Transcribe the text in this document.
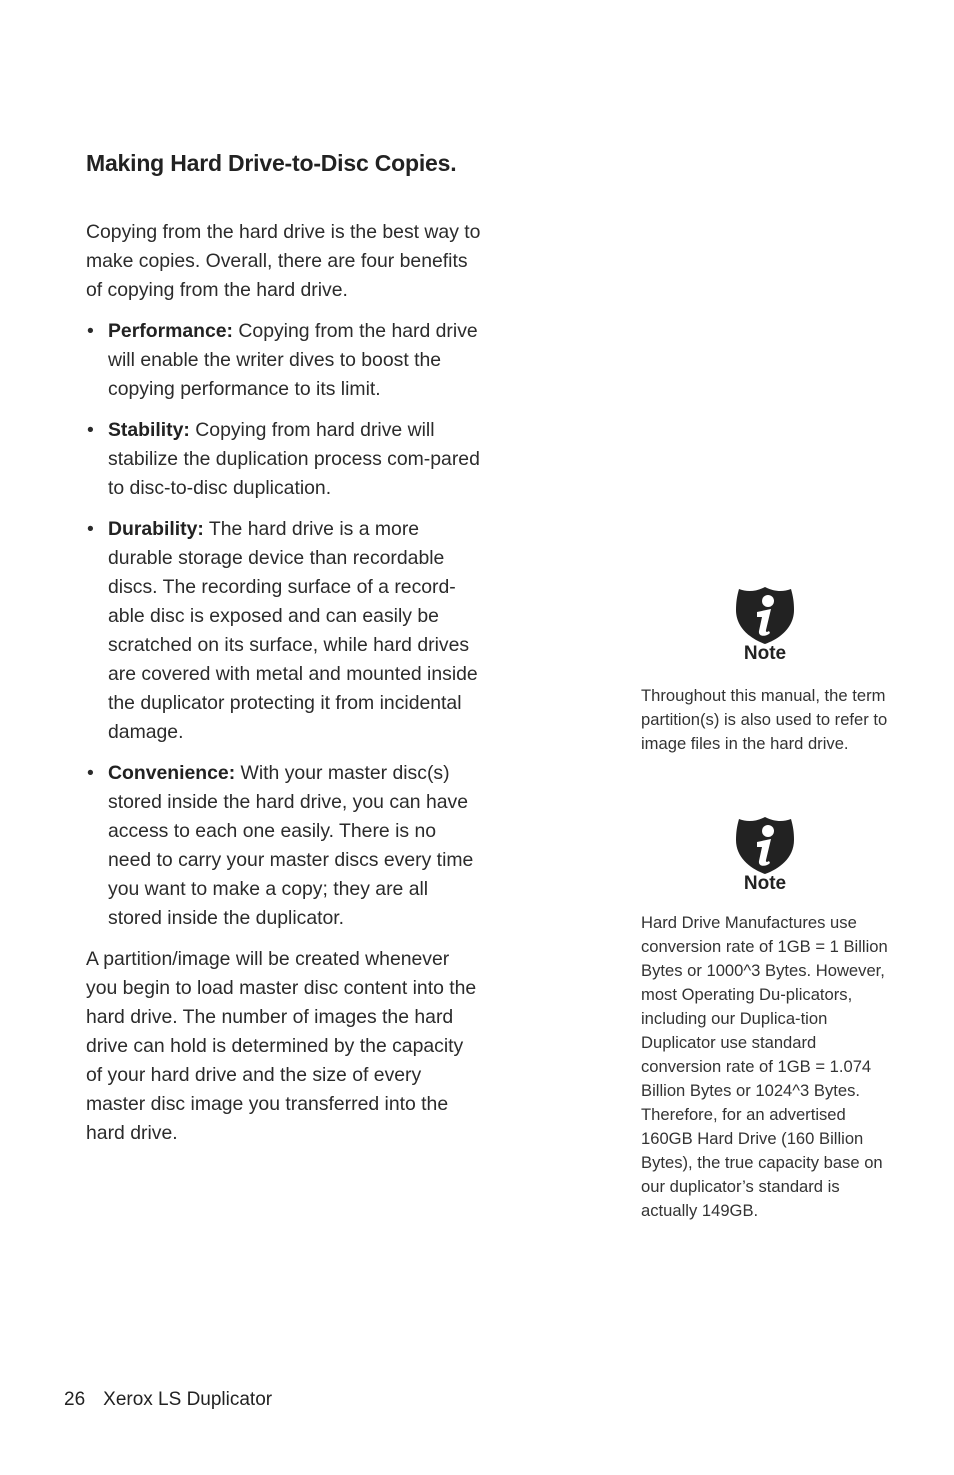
Making Hard Drive-to-Disc Copies.

Copying from the hard drive is the best way to make copies. Overall, there are four benefits of copying from the hard drive.

• Performance: Copying from the hard drive will enable the writer dives to boost the copying performance to its limit.
• Stability: Copying from hard drive will stabilize the duplication process com-pared to disc-to-disc duplication.
• Durability: The hard drive is a more durable storage device than recordable discs. The recording surface of a record-able disc is exposed and can easily be scratched on its surface, while hard drives are covered with metal and mounted inside the duplicator protecting it from incidental damage.
• Convenience: With your master disc(s) stored inside the hard drive, you can have access to each one easily. There is no need to carry your master discs every time you want to make a copy; they are all stored inside the duplicator.

A partition/image will be created whenever you begin to load master disc content into the hard drive. The number of images the hard drive can hold is determined by the capacity of your hard drive and the size of every master disc image you transferred into the hard drive.

Note

Throughout this manual, the term partition(s) is also used to refer to image files in the hard drive.

Note

Hard Drive Manufactures use conversion rate of 1GB = 1 Billion Bytes or 1000^3 Bytes. However, most Operating Du-plicators, including our Duplica-tion Duplicator use standard conversion rate of 1GB = 1.074 Billion Bytes or 1024^3 Bytes. Therefore, for an advertised 160GB Hard Drive (160 Billion Bytes), the true capacity base on our duplicator’s standard is actually 149GB.

26 Xerox LS Duplicator
